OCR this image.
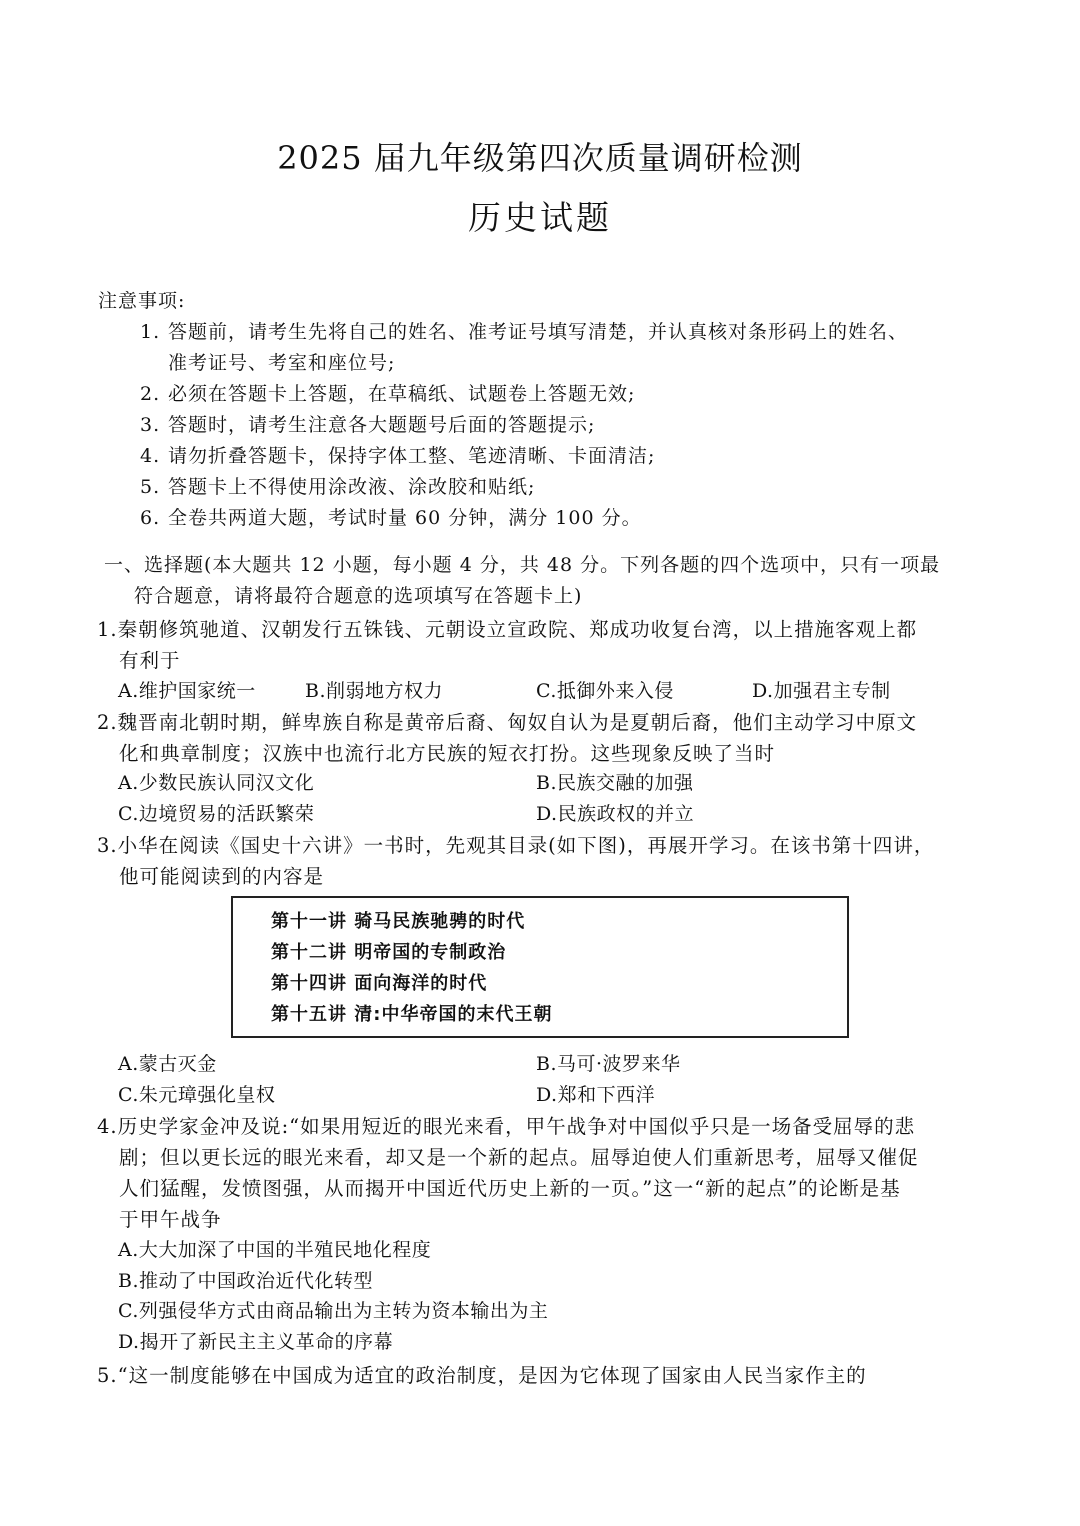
2025 届九年级第四次质量调研检测
历史试题
注意事项:
1. 答题前，请考生先将自己的姓名、准考证号填写清楚，并认真核对条形码上的姓名、
准考证号、考室和座位号;
2. 必须在答题卡上答题，在草稿纸、试题卷上答题无效;
3. 答题时，请考生注意各大题题号后面的答题提示;
4. 请勿折叠答题卡，保持字体工整、笔迹清晰、卡面清洁;
5. 答题卡上不得使用涂改液、涂改胶和贴纸;
6. 全卷共两道大题，考试时量 60 分钟，满分 100 分。
一、选择题(本大题共 12 小题，每小题 4 分，共 48 分。下列各题的四个选项中，只有一项最
符合题意，请将最符合题意的选项填写在答题卡上)
1.秦朝修筑驰道、汉朝发行五铢钱、元朝设立宣政院、郑成功收复台湾，以上措施客观上都
有利于
A.维护国家统一	B.削弱地方权力	C.抵御外来入侵	D.加强君主专制
2.魏晋南北朝时期，鲜卑族自称是黄帝后裔、匈奴自认为是夏朝后裔，他们主动学习中原文
化和典章制度；汉族中也流行北方民族的短衣打扮。这些现象反映了当时
A.少数民族认同汉文化	B.民族交融的加强
C.边境贸易的活跃繁荣	D.民族政权的并立
3.小华在阅读《国史十六讲》一书时，先观其目录(如下图)，再展开学习。在该书第十四讲，
他可能阅读到的内容是
第十一讲 骑马民族驰骋的时代
第十二讲 明帝国的专制政治
第十四讲 面向海洋的时代
第十五讲 清:中华帝国的末代王朝
A.蒙古灭金	B.马可·波罗来华
C.朱元璋强化皇权	D.郑和下西洋
4.历史学家金冲及说:“如果用短近的眼光来看，甲午战争对中国似乎只是一场备受屈辱的悲
剧；但以更长远的眼光来看，却又是一个新的起点。屈辱迫使人们重新思考，屈辱又催促
人们猛醒，发愤图强，从而揭开中国近代历史上新的一页。”这一“新的起点”的论断是基
于甲午战争
A.大大加深了中国的半殖民地化程度
B.推动了中国政治近代化转型
C.列强侵华方式由商品输出为主转为资本输出为主
D.揭开了新民主主义革命的序幕
5.“这一制度能够在中国成为适宜的政治制度，是因为它体现了国家由人民当家作主的
